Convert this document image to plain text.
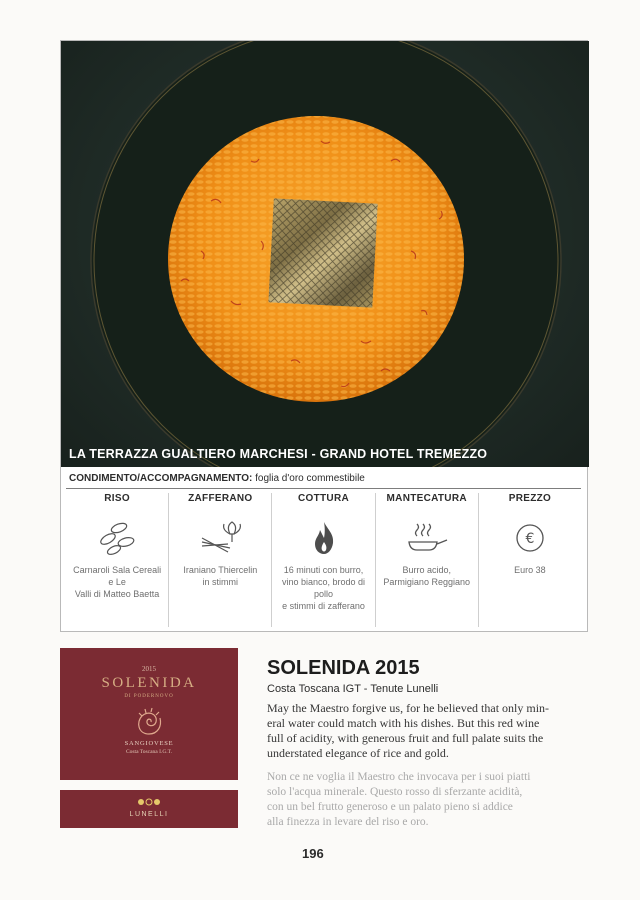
LA TERRAZZA GUALTIERO MARCHESI - GRAND HOTEL TREMEZZO
CONDIMENTO/ACCOMPAGNAMENTO: foglia d'oro commestibile
RISO
Carnaroli Sala Cereali e Le
Valli di Matteo Baetta
ZAFFERANO
Iraniano Thiercelin
in stimmi
COTTURA
16 minuti con burro,
vino bianco, brodo di pollo
e stimmi di zafferano
MANTECATURA
Burro acido,
Parmigiano Reggiano
PREZZO
€
Euro 38
2015
SOLENIDA
DI PODERNOVO
SANGIOVESE
Costa Toscana I.G.T.
LUNELLI
SOLENIDA 2015
Costa Toscana IGT - Tenute Lunelli
May the Maestro forgive us, for he believed that only min-
eral water could match with his dishes. But this red wine
full of acidity, with generous fruit and full palate suits the
understated elegance of rice and gold.
Non ce ne voglia il Maestro che invocava per i suoi piatti
solo l'acqua minerale. Questo rosso di sferzante acidità,
con un bel frutto generoso e un palato pieno si addice
alla finezza in levare del riso e oro.
196
